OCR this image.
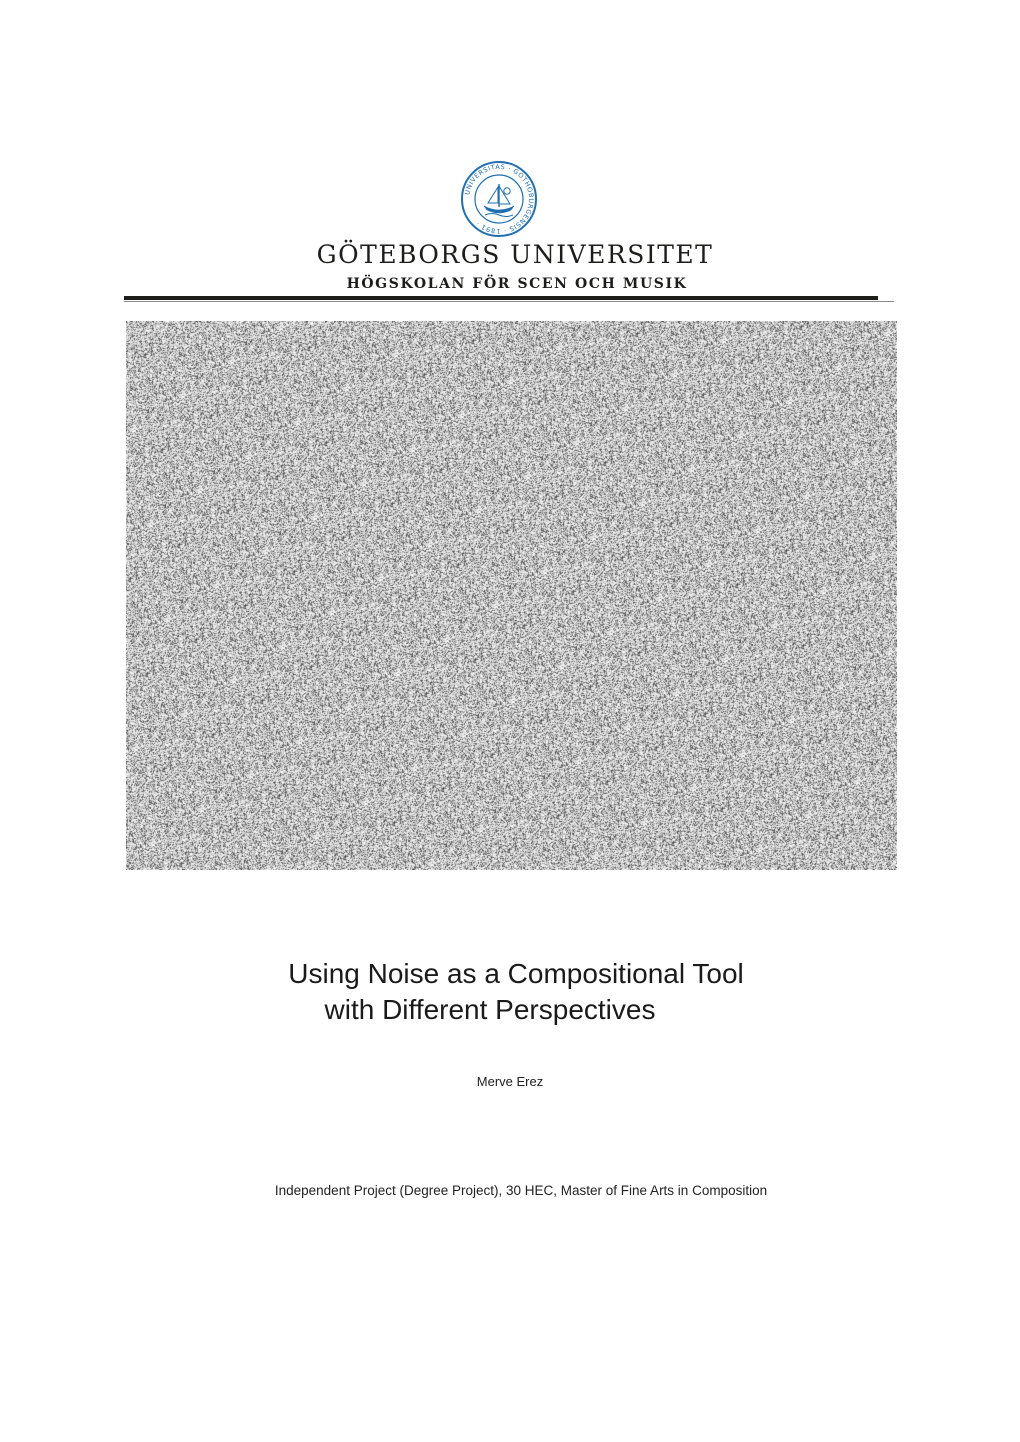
UNIVERSITAS · GOTHOBURGENSIS · 1891 ·
GÖTEBORGS UNIVERSITET
HÖGSKOLAN FÖR SCEN OCH MUSIK
Using Noise as a Compositional Tool
with Different Perspectives
Merve Erez
Independent Project (Degree Project), 30 HEC, Master of Fine Arts in Composition
